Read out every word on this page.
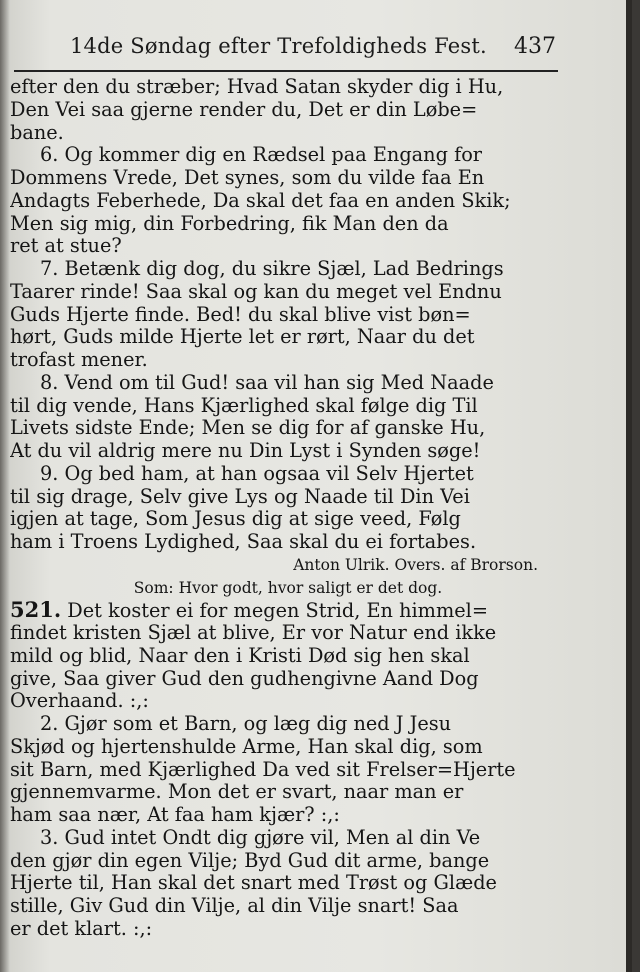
14de Søndag efter Trefoldigheds Fest. 437
efter den du stræber; Hvad Satan skyder dig i Hu,
Den Vei saa gjerne render du, Det er din Løbe=
bane.
6. Og kommer dig en Rædsel paa Engang for
Dommens Vrede, Det synes, som du vilde faa En
Andagts Feberhede, Da skal det faa en anden Skik;
Men sig mig, din Forbedring, fik Man den da
ret at stue?
7. Betænk dig dog, du sikre Sjæl, Lad Bedrings
Taarer rinde! Saa skal og kan du meget vel Endnu
Guds Hjerte finde. Bed! du skal blive vist bøn=
hørt, Guds milde Hjerte let er rørt, Naar du det
trofast mener.
8. Vend om til Gud! saa vil han sig Med Naade
til dig vende, Hans Kjærlighed skal følge dig Til
Livets sidste Ende; Men se dig for af ganske Hu,
At du vil aldrig mere nu Din Lyst i Synden søge!
9. Og bed ham, at han ogsaa vil Selv Hjertet
til sig drage, Selv give Lys og Naade til Din Vei
igjen at tage, Som Jesus dig at sige veed, Følg
ham i Troens Lydighed, Saa skal du ei fortabes.
Anton Ulrik. Overs. af Brorson.
Som: Hvor godt, hvor saligt er det dog.
521. Det koster ei for megen Strid, En himmel=
findet kristen Sjæl at blive, Er vor Natur end ikke
mild og blid, Naar den i Kristi Død sig hen skal
give, Saa giver Gud den gudhengivne Aand Dog
Overhaand. :,:
2. Gjør som et Barn, og læg dig ned J Jesu
Skjød og hjertenshulde Arme, Han skal dig, som
sit Barn, med Kjærlighed Da ved sit Frelser=Hjerte
gjennemvarme. Mon det er svart, naar man er
ham saa nær, At faa ham kjær? :,:
3. Gud intet Ondt dig gjøre vil, Men al din Ve
den gjør din egen Vilje; Byd Gud dit arme, bange
Hjerte til, Han skal det snart med Trøst og Glæde
stille, Giv Gud din Vilje, al din Vilje snart! Saa
er det klart. :,:
